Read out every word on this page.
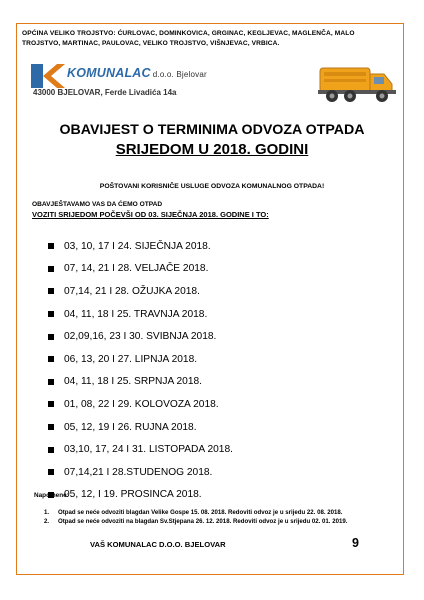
OPĆINA VELIKO TROJSTVO: ĆURLOVAC, DOMINKOVICA, GRGINAC, KEGLJEVAC, MAGLENČA, MALO
TROJSTVO, MARTINAC, PAULOVAC, VELIKO TROJSTVO, VIŠNJEVAC, VRBICA.
KOMUNALAC d.o.o. Bjelovar
43000 BJELOVAR, Ferde Livadića 14a
OBAVIJEST O TERMINIMA ODVOZA OTPADA
SRIJEDOM U 2018. GODINI
POŠTOVANI KORISNIČE USLUGE ODVOZA KOMUNALNOG OTPADA!
OBAVJEŠTAVAMO VAS DA ĆEMO OTPAD
VOZITI SRIJEDOM POČEVŠI OD 03. SIJEČNJA 2018. GODINE I TO:
03, 10, 17 I 24. SIJEČNJA 2018.
07, 14, 21 I 28. VELJAČE 2018.
07,14, 21 I 28. OŽUJKA 2018.
04, 11, 18 I 25. TRAVNJA 2018.
02,09,16, 23 I 30. SVIBNJA 2018.
06, 13, 20 I 27. LIPNJA 2018.
04, 11, 18 I 25. SRPNJA 2018.
01, 08, 22 I 29. KOLOVOZA 2018.
05, 12, 19 I 26. RUJNA 2018.
03,10, 17, 24 I 31. LISTOPADA 2018.
07,14,21 I 28.STUDENOG 2018.
05, 12, I 19. PROSINCA 2018.
Napomene:
1. Otpad se neće odvoziti blagdan Velike Gospe 15. 08. 2018. Redoviti odvoz je u srijedu 22. 08. 2018.
2. Otpad se neće odvoziti na blagdan Sv.Stjepana 26. 12. 2018. Redoviti odvoz je u srijedu 02. 01. 2019.
VAŠ KOMUNALAC D.O.O. BJELOVAR	9
